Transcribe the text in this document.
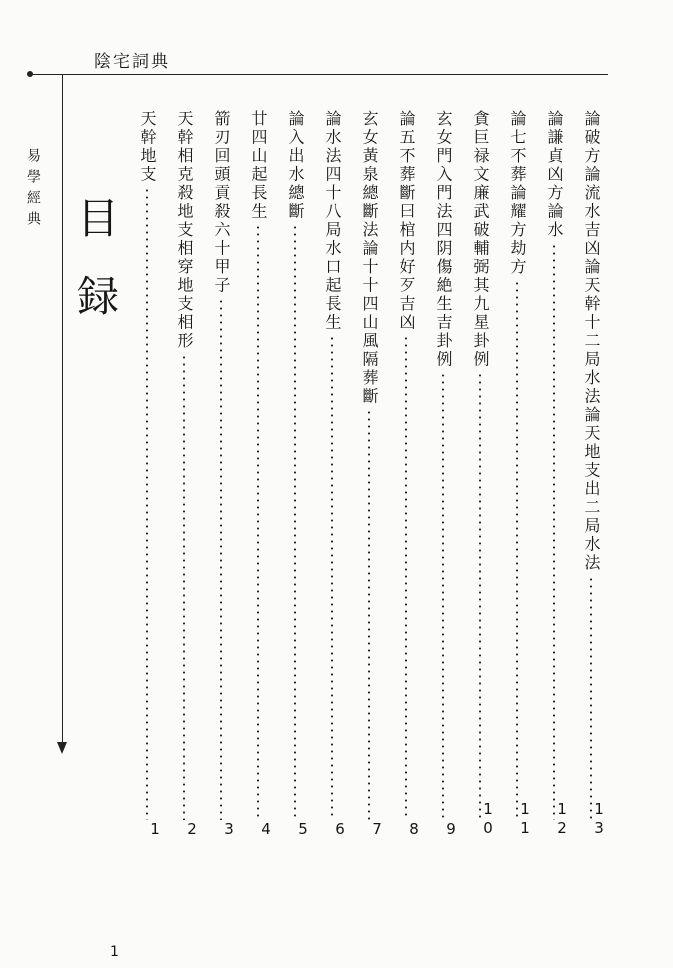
陰宅詞典
易學經典
目録
天幹地支
1
天幹相克殺地支相穿地支相形
2
箭刃回頭貢殺六十甲子
3
廿四山起長生
4
論入出水總斷
5
論水法四十八局水口起長生
6
玄女黃泉總斷法論十十四山風隔葬斷
7
論五不葬斷曰棺内好歹吉凶
8
玄女門入門法四阴傷絶生吉卦例
9
貪巨禄文廉武破輔弼其九星卦例
1
0
論七不葬論耀方劫方
1
1
論謙貞凶方論水
1
2
論破方論流水吉凶論天幹十二局水法論天地支出二局水法
1
3
1
